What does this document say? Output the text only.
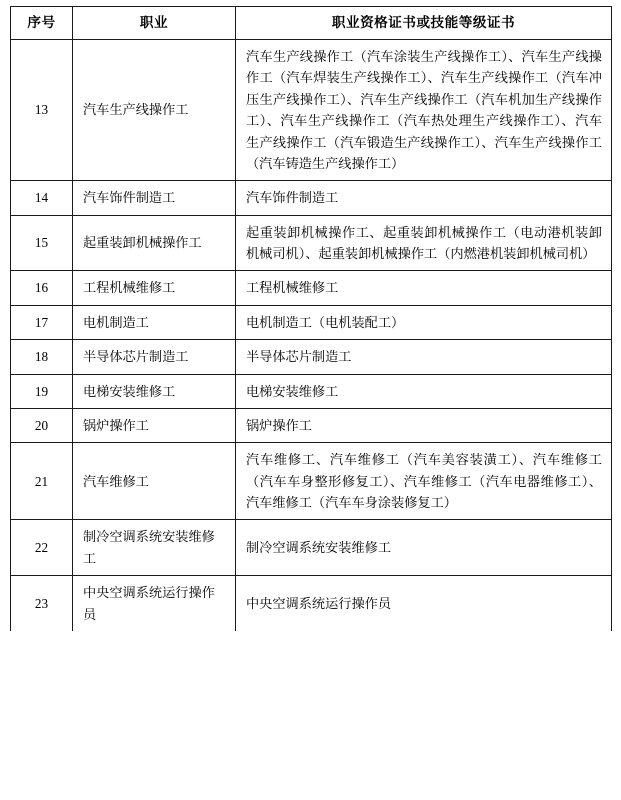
序号	职业	职业资格证书或技能等级证书
13	汽车生产线操作工	汽车生产线操作工（汽车涂装生产线操作工）、汽车生产线操作工（汽车焊装生产线操作工）、汽车生产线操作工（汽车冲压生产线操作工）、汽车生产线操作工（汽车机加生产线操作工）、汽车生产线操作工（汽车热处理生产线操作工）、汽车生产线操作工（汽车锻造生产线操作工）、汽车生产线操作工（汽车铸造生产线操作工）
14	汽车饰件制造工	汽车饰件制造工
15	起重装卸机械操作工	起重装卸机械操作工、起重装卸机械操作工（电动港机装卸机械司机）、起重装卸机械操作工（内燃港机装卸机械司机）
16	工程机械维修工	工程机械维修工
17	电机制造工	电机制造工（电机装配工）
18	半导体芯片制造工	半导体芯片制造工
19	电梯安装维修工	电梯安装维修工
20	锅炉操作工	锅炉操作工
21	汽车维修工	汽车维修工、汽车维修工（汽车美容装潢工）、汽车维修工（汽车车身整形修复工）、汽车维修工（汽车电器维修工）、汽车维修工（汽车车身涂装修复工）
22	制冷空调系统安装维修工	制冷空调系统安装维修工
23	中央空调系统运行操作员	中央空调系统运行操作员
